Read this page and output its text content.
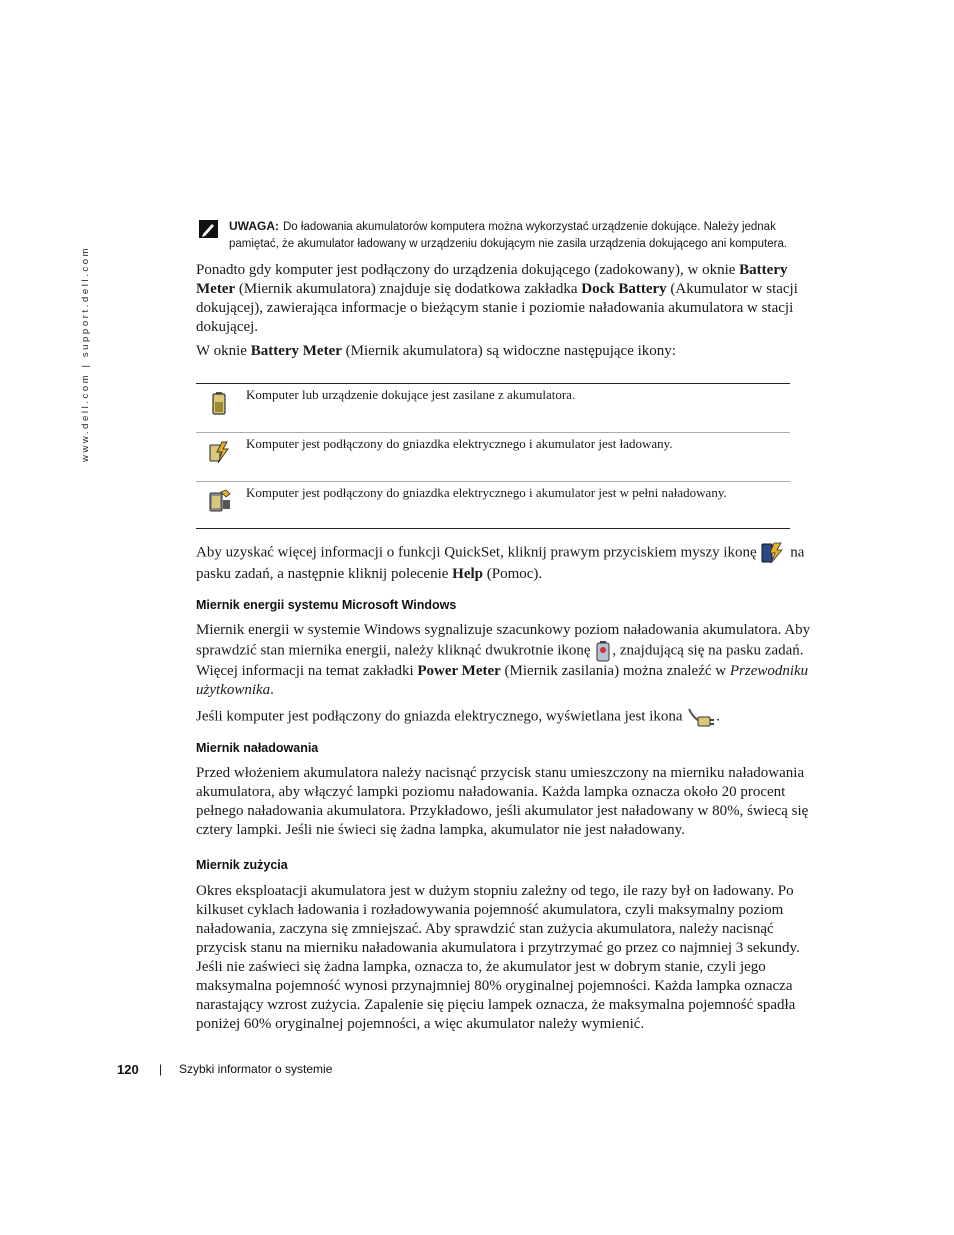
www.dell.com | support.dell.com
UWAGA: Do ładowania akumulatorów komputera można wykorzystać urządzenie dokujące. Należy jednak
pamiętać, że akumulator ładowany w urządzeniu dokującym nie zasila urządzenia dokującego ani komputera.

Ponadto gdy komputer jest podłączony do urządzenia dokującego (zadokowany), w oknie Battery Meter (Miernik akumulatora) znajduje się dodatkowa zakładka Dock Battery (Akumulator w stacji dokującej), zawierająca informacje o bieżącym stanie i poziomie naładowania akumulatora w stacji dokującej.

W oknie Battery Meter (Miernik akumulatora) są widoczne następujące ikony:

Komputer lub urządzenie dokujące jest zasilane z akumulatora.
Komputer jest podłączony do gniazdka elektrycznego i akumulator jest ładowany.
Komputer jest podłączony do gniazdka elektrycznego i akumulator jest w pełni naładowany.

Aby uzyskać więcej informacji o funkcji QuickSet, kliknij prawym przyciskiem myszy ikonę  na pasku zadań, a następnie kliknij polecenie Help (Pomoc).

Miernik energii systemu Microsoft Windows

Miernik energii w systemie Windows sygnalizuje szacunkowy poziom naładowania akumulatora. Aby sprawdzić stan miernika energii, należy kliknąć dwukrotnie ikonę , znajdującą się na pasku zadań. Więcej informacji na temat zakładki Power Meter (Miernik zasilania) można znaleźć w Przewodniku użytkownika.

Jeśli komputer jest podłączony do gniazda elektrycznego, wyświetlana jest ikona .

Miernik naładowania

Przed włożeniem akumulatora należy nacisnąć przycisk stanu umieszczony na mierniku naładowania akumulatora, aby włączyć lampki poziomu naładowania. Każda lampka oznacza około 20 procent pełnego naładowania akumulatora. Przykładowo, jeśli akumulator jest naładowany w 80%, świecą się cztery lampki. Jeśli nie świeci się żadna lampka, akumulator nie jest naładowany.

Miernik zużycia

Okres eksploatacji akumulatora jest w dużym stopniu zależny od tego, ile razy był on ładowany. Po kilkuset cyklach ładowania i rozładowywania pojemność akumulatora, czyli maksymalny poziom naładowania, zaczyna się zmniejszać. Aby sprawdzić stan zużycia akumulatora, należy nacisnąć przycisk stanu na mierniku naładowania akumulatora i przytrzymać go przez co najmniej 3 sekundy. Jeśli nie zaświeci się żadna lampka, oznacza to, że akumulator jest w dobrym stanie, czyli jego maksymalna pojemność wynosi przynajmniej 80% oryginalnej pojemności. Każda lampka oznacza narastający wzrost zużycia. Zapalenie się pięciu lampek oznacza, że maksymalna pojemność spadła poniżej 60% oryginalnej pojemności, a więc akumulator należy wymienić.

120 | Szybki informator o systemie
